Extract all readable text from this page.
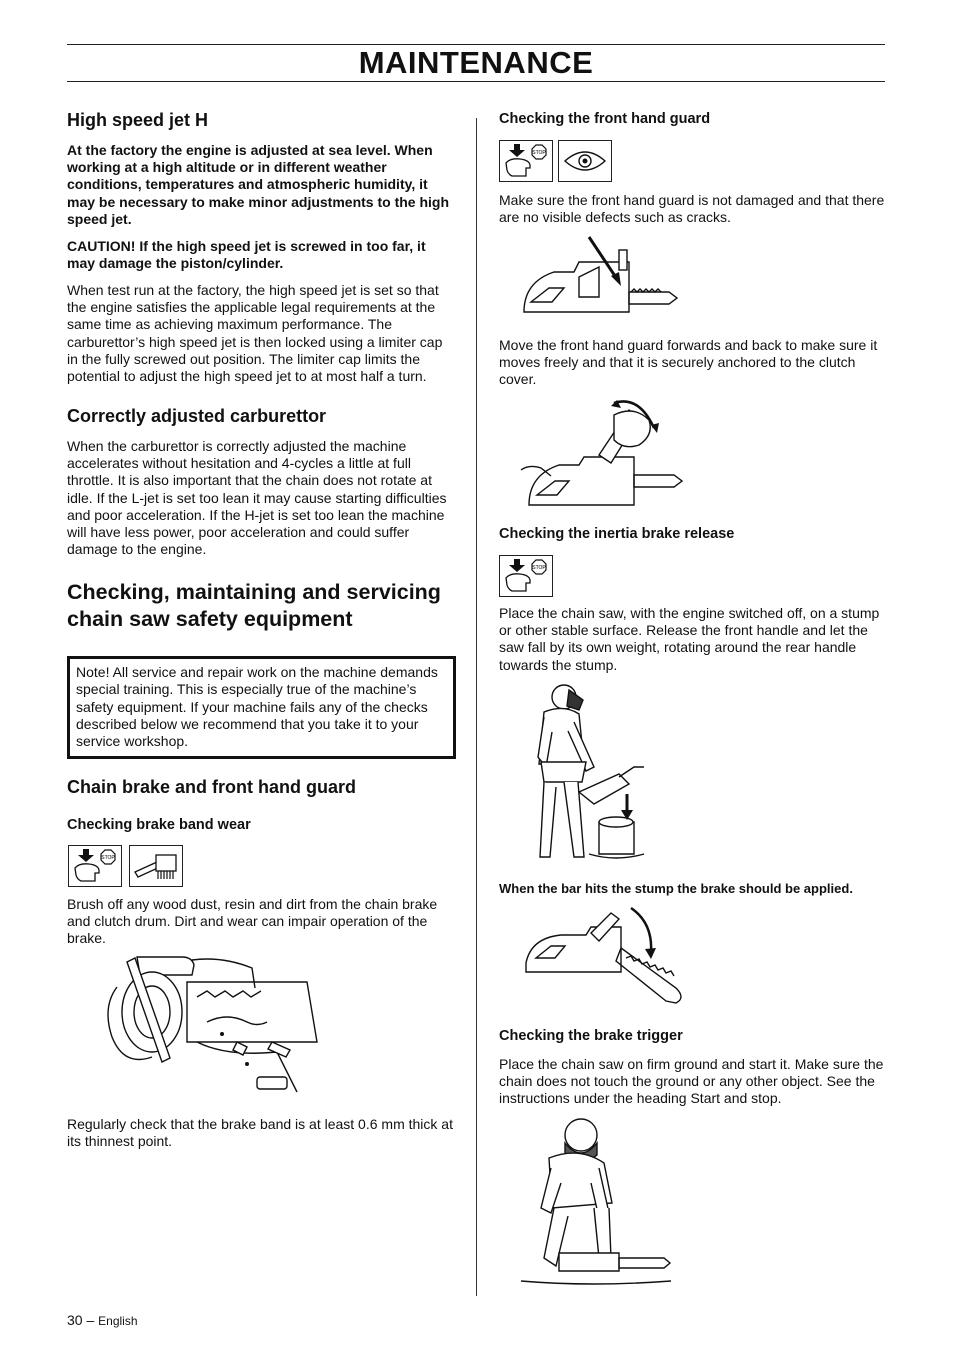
MAINTENANCE
High speed jet H

At the factory the engine is adjusted at sea level. When working at a high altitude or in different weather conditions, temperatures and atmospheric humidity, it may be necessary to make minor adjustments to the high speed jet.

CAUTION! If the high speed jet is screwed in too far, it may damage the piston/cylinder.

When test run at the factory, the high speed jet is set so that the engine satisfies the applicable legal requirements at the same time as achieving maximum performance. The carburettor’s high speed jet is then locked using a limiter cap in the fully screwed out position. The limiter cap limits the potential to adjust the high speed jet to at most half a turn.

Correctly adjusted carburettor

When the carburettor is correctly adjusted the machine accelerates without hesitation and 4-cycles a little at full throttle. It is also important that the chain does not rotate at idle. If the L-jet is set too lean it may cause starting difficulties and poor acceleration. If the H-jet is set too lean the machine will have less power, poor acceleration and could suffer damage to the engine.

Checking, maintaining and servicing chain saw safety equipment

Note! All service and repair work on the machine demands special training. This is especially true of the machine’s safety equipment. If your machine fails any of the checks described below we recommend that you take it to your service workshop.

Chain brake and front hand guard
Checking brake band wear
STOP

Brush off any wood dust, resin and dirt from the chain brake and clutch drum. Dirt and wear can impair operation of the brake.

Regularly check that the brake band is at least 0.6 mm thick at its thinnest point.

Checking the front hand guard
STOP

Make sure the front hand guard is not damaged and that there are no visible defects such as cracks.

Move the front hand guard forwards and back to make sure it moves freely and that it is securely anchored to the clutch cover.

Checking the inertia brake release
STOP

Place the chain saw, with the engine switched off, on a stump or other stable surface. Release the front handle and let the saw fall by its own weight, rotating around the rear handle towards the stump.

When the bar hits the stump the brake should be applied.

Checking the brake trigger

Place the chain saw on firm ground and start it. Make sure the chain does not touch the ground or any other object. See the instructions under the heading Start and stop.

30 – English
